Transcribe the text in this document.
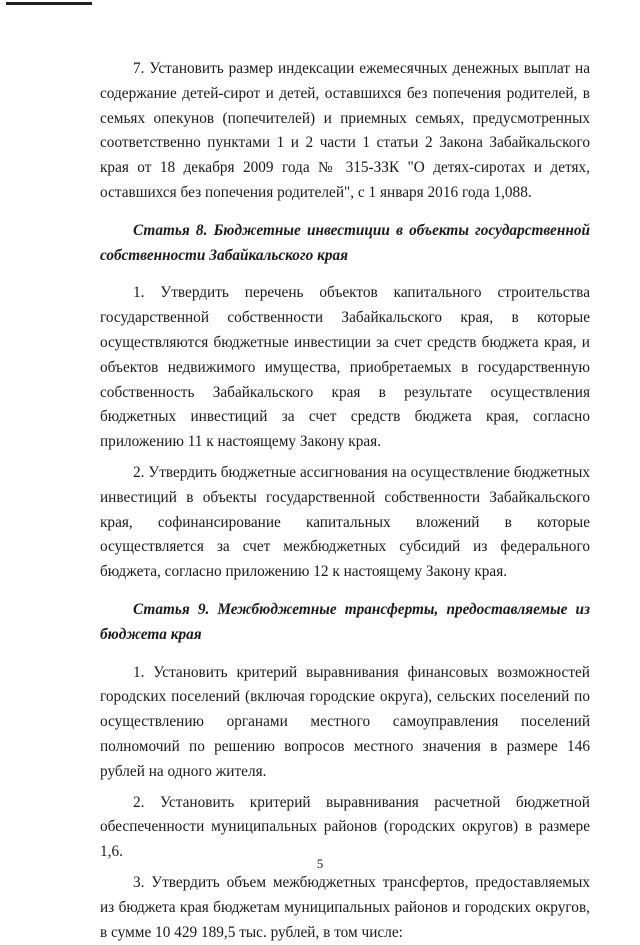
7. Установить размер индексации ежемесячных денежных выплат на содержание детей-сирот и детей, оставшихся без попечения родителей, в семьях опекунов (попечителей) и приемных семьях, предусмотренных соответственно пунктами 1 и 2 части 1 статьи 2 Закона Забайкальского края от 18 декабря 2009 года № 315-ЗЗК "О детях-сиротах и детях, оставшихся без попечения родителей", с 1 января 2016 года 1,088.

Статья 8. Бюджетные инвестиции в объекты государственной собственности Забайкальского края

1. Утвердить перечень объектов капитального строительства государственной собственности Забайкальского края, в которые осуществляются бюджетные инвестиции за счет средств бюджета края, и объектов недвижимого имущества, приобретаемых в государственную собственность Забайкальского края в результате осуществления бюджетных инвестиций за счет средств бюджета края, согласно приложению 11 к настоящему Закону края.

2. Утвердить бюджетные ассигнования на осуществление бюджетных инвестиций в объекты государственной собственности Забайкальского края, софинансирование капитальных вложений в которые осуществляется за счет межбюджетных субсидий из федерального бюджета, согласно приложению 12 к настоящему Закону края.

Статья 9. Межбюджетные трансферты, предоставляемые из бюджета края

1. Установить критерий выравнивания финансовых возможностей городских поселений (включая городские округа), сельских поселений по осуществлению органами местного самоуправления поселений полномочий по решению вопросов местного значения в размере 146 рублей на одного жителя.

2. Установить критерий выравнивания расчетной бюджетной обеспеченности муниципальных районов (городских округов) в размере 1,6.

3. Утвердить объем межбюджетных трансфертов, предоставляемых из бюджета края бюджетам муниципальных районов и городских округов, в сумме 10 429 189,5 тыс. рублей, в том числе:

5
